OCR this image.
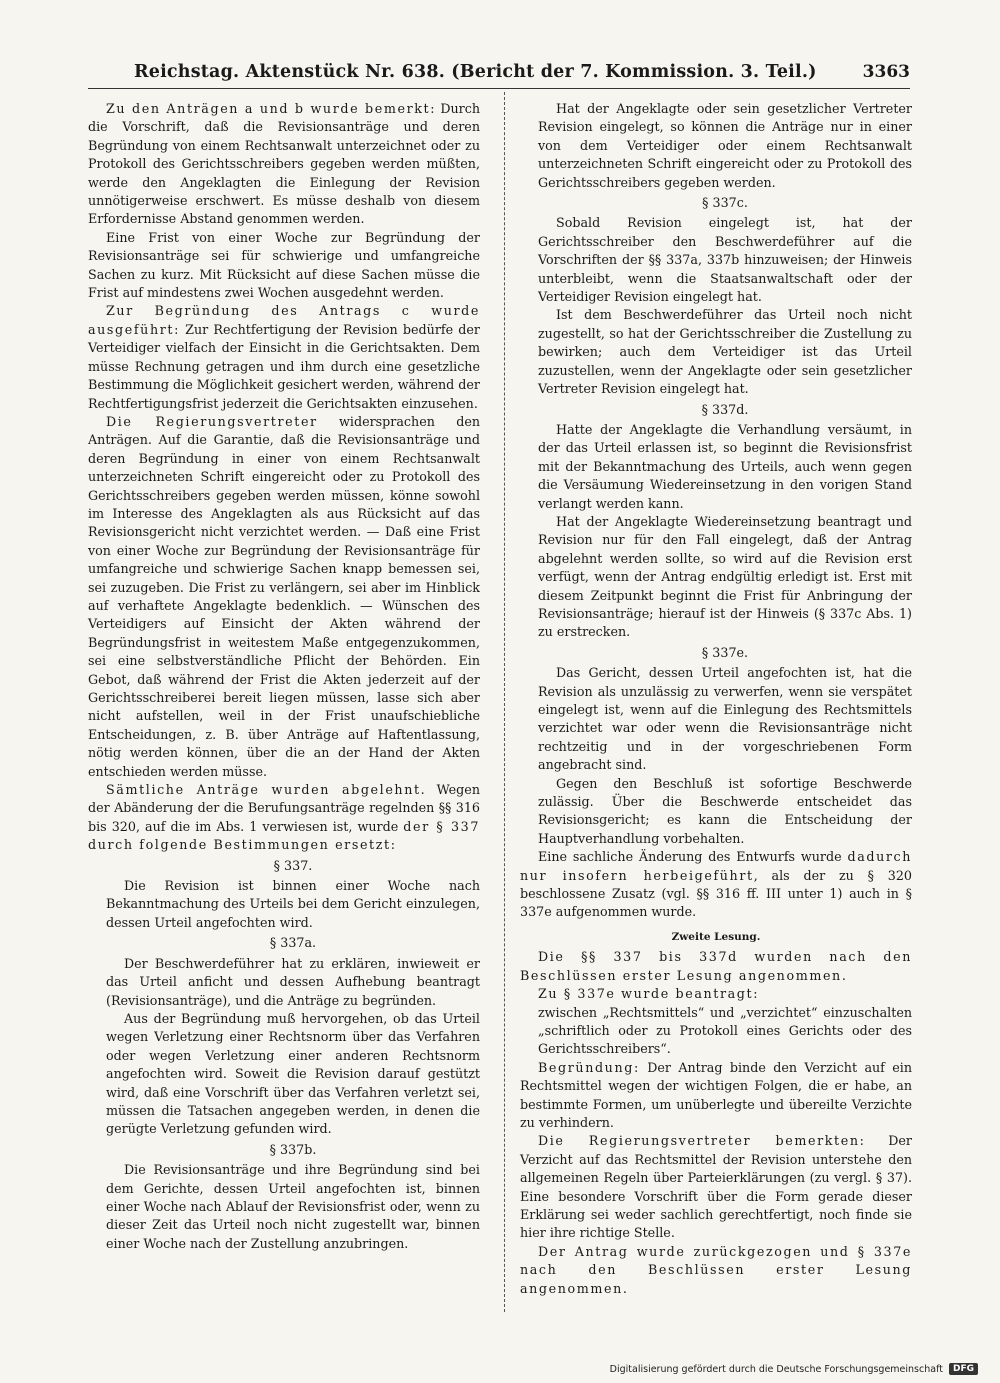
Reichstag. Aktenstück Nr. 638. (Bericht der 7. Kommission. 3. Teil.)	3363

Zu den Anträgen a und b wurde bemerkt: Durch die Vorschrift, daß die Revisionsanträge und deren Begründung von einem Rechtsanwalt unterzeichnet oder zu Protokoll des Gerichtsschreibers gegeben werden müßten, werde den Angeklagten die Einlegung der Revision unnötigerweise erschwert. Es müsse deshalb von diesem Erfordernisse Abstand genommen werden.

Eine Frist von einer Woche zur Begründung der Revisionsanträge sei für schwierige und umfangreiche Sachen zu kurz. Mit Rücksicht auf diese Sachen müsse die Frist auf mindestens zwei Wochen ausgedehnt werden.

Zur Begründung des Antrags c wurde ausgeführt: Zur Rechtfertigung der Revision bedürfe der Verteidiger vielfach der Einsicht in die Gerichtsakten. Dem müsse Rechnung getragen und ihm durch eine gesetzliche Bestimmung die Möglichkeit gesichert werden, während der Rechtfertigungsfrist jederzeit die Gerichtsakten einzusehen.

Die Regierungsvertreter widersprachen den Anträgen. Auf die Garantie, daß die Revisionsanträge und deren Begründung in einer von einem Rechtsanwalt unterzeichneten Schrift eingereicht oder zu Protokoll des Gerichtsschreibers gegeben werden müssen, könne sowohl im Interesse des Angeklagten als aus Rücksicht auf das Revisionsgericht nicht verzichtet werden. — Daß eine Frist von einer Woche zur Begründung der Revisionsanträge für umfangreiche und schwierige Sachen knapp bemessen sei, sei zuzugeben. Die Frist zu verlängern, sei aber im Hinblick auf verhaftete Angeklagte bedenklich. — Wünschen des Verteidigers auf Einsicht der Akten während der Begründungsfrist in weitestem Maße entgegenzukommen, sei eine selbstverständliche Pflicht der Behörden. Ein Gebot, daß während der Frist die Akten jederzeit auf der Gerichtsschreiberei bereit liegen müssen, lasse sich aber nicht aufstellen, weil in der Frist unaufschiebliche Entscheidungen, z. B. über Anträge auf Haftentlassung, nötig werden können, über die an der Hand der Akten entschieden werden müsse.

Sämtliche Anträge wurden abgelehnt. Wegen der Abänderung der die Berufungsanträge regelnden §§ 316 bis 320, auf die im Abs. 1 verwiesen ist, wurde der § 337 durch folgende Bestimmungen ersetzt:

§ 337.

Die Revision ist binnen einer Woche nach Bekanntmachung des Urteils bei dem Gericht einzulegen, dessen Urteil angefochten wird.

§ 337a.

Der Beschwerdeführer hat zu erklären, inwieweit er das Urteil anficht und dessen Aufhebung beantragt (Revisionsanträge), und die Anträge zu begründen.

Aus der Begründung muß hervorgehen, ob das Urteil wegen Verletzung einer Rechtsnorm über das Verfahren oder wegen Verletzung einer anderen Rechtsnorm angefochten wird. Soweit die Revision darauf gestützt wird, daß eine Vorschrift über das Verfahren verletzt sei, müssen die Tatsachen angegeben werden, in denen die gerügte Verletzung gefunden wird.

§ 337b.

Die Revisionsanträge und ihre Begründung sind bei dem Gerichte, dessen Urteil angefochten ist, binnen einer Woche nach Ablauf der Revisionsfrist oder, wenn zu dieser Zeit das Urteil noch nicht zugestellt war, binnen einer Woche nach der Zustellung anzubringen.

Hat der Angeklagte oder sein gesetzlicher Vertreter Revision eingelegt, so können die Anträge nur in einer von dem Verteidiger oder einem Rechtsanwalt unterzeichneten Schrift eingereicht oder zu Protokoll des Gerichtsschreibers gegeben werden.

§ 337c.

Sobald Revision eingelegt ist, hat der Gerichtsschreiber den Beschwerdeführer auf die Vorschriften der §§ 337a, 337b hinzuweisen; der Hinweis unterbleibt, wenn die Staatsanwaltschaft oder der Verteidiger Revision eingelegt hat.

Ist dem Beschwerdeführer das Urteil noch nicht zugestellt, so hat der Gerichtsschreiber die Zustellung zu bewirken; auch dem Verteidiger ist das Urteil zuzustellen, wenn der Angeklagte oder sein gesetzlicher Vertreter Revision eingelegt hat.

§ 337d.

Hatte der Angeklagte die Verhandlung versäumt, in der das Urteil erlassen ist, so beginnt die Revisionsfrist mit der Bekanntmachung des Urteils, auch wenn gegen die Versäumung Wiedereinsetzung in den vorigen Stand verlangt werden kann.

Hat der Angeklagte Wiedereinsetzung beantragt und Revision nur für den Fall eingelegt, daß der Antrag abgelehnt werden sollte, so wird auf die Revision erst verfügt, wenn der Antrag endgültig erledigt ist. Erst mit diesem Zeitpunkt beginnt die Frist für Anbringung der Revisionsanträge; hierauf ist der Hinweis (§ 337c Abs. 1) zu erstrecken.

§ 337e.

Das Gericht, dessen Urteil angefochten ist, hat die Revision als unzulässig zu verwerfen, wenn sie verspätet eingelegt ist, wenn auf die Einlegung des Rechtsmittels verzichtet war oder wenn die Revisionsanträge nicht rechtzeitig und in der vorgeschriebenen Form angebracht sind.

Gegen den Beschluß ist sofortige Beschwerde zulässig. Über die Beschwerde entscheidet das Revisionsgericht; es kann die Entscheidung der Hauptverhandlung vorbehalten.

Eine sachliche Änderung des Entwurfs wurde dadurch nur insofern herbeigeführt, als der zu § 320 beschlossene Zusatz (vgl. §§ 316 ff. III unter 1) auch in § 337e aufgenommen wurde.

Zweite Lesung.

Die §§ 337 bis 337d wurden nach den Beschlüssen erster Lesung angenommen.

Zu § 337e wurde beantragt:

zwischen „Rechtsmittels“ und „verzichtet“ einzuschalten „schriftlich oder zu Protokoll eines Gerichts oder des Gerichtsschreibers“.

Begründung: Der Antrag binde den Verzicht auf ein Rechtsmittel wegen der wichtigen Folgen, die er habe, an bestimmte Formen, um unüberlegte und übereilte Verzichte zu verhindern.

Die Regierungsvertreter bemerkten: Der Verzicht auf das Rechtsmittel der Revision unterstehe den allgemeinen Regeln über Parteierklärungen (zu vergl. § 37). Eine besondere Vorschrift über die Form gerade dieser Erklärung sei weder sachlich gerechtfertigt, noch finde sie hier ihre richtige Stelle.

Der Antrag wurde zurückgezogen und § 337e nach den Beschlüssen erster Lesung angenommen.

Digitalisierung gefördert durch die Deutsche Forschungsgemeinschaft	DFG
